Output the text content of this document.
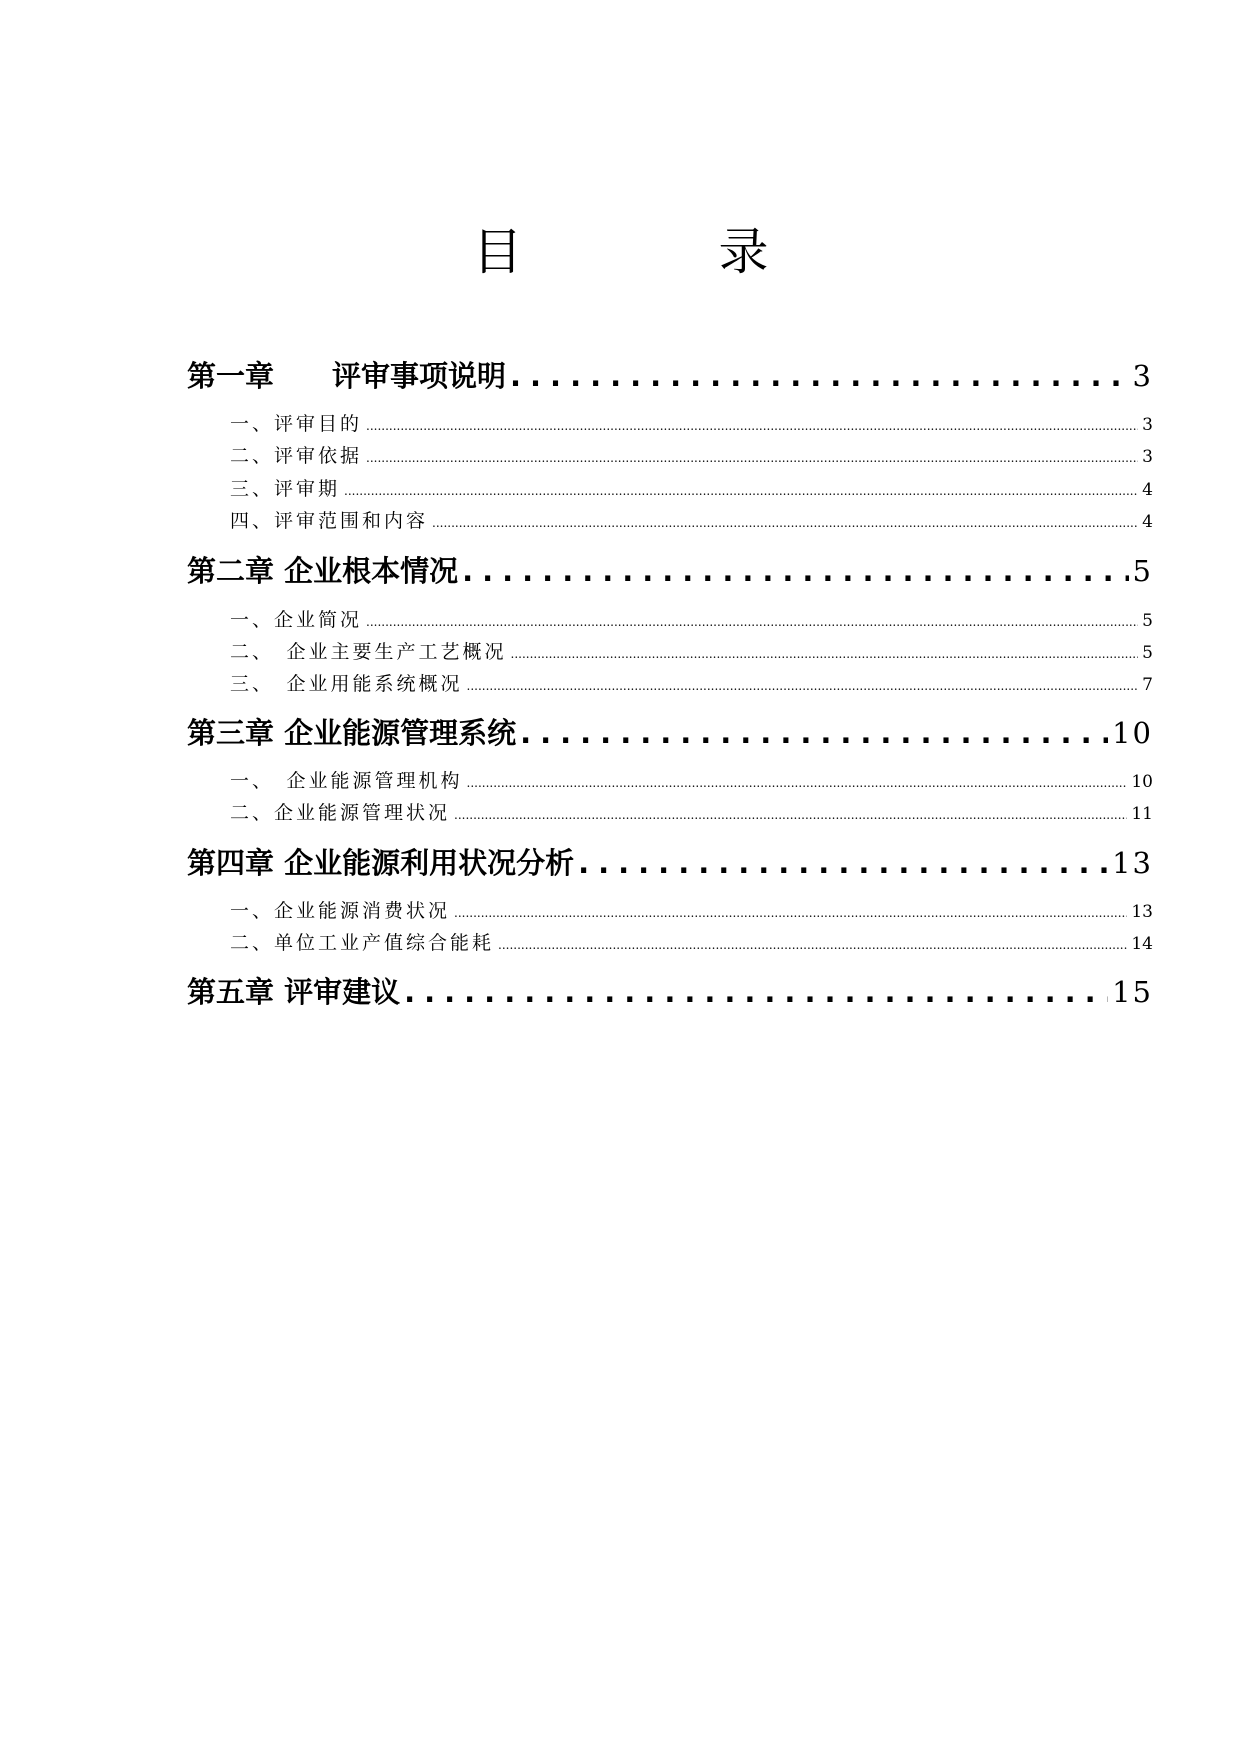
目 录
第一章　　评审事项说明 .....	3
一、评审目的 .....	3
二、评审依据 .....	3
三、评审期 .....	4
四、评审范围和内容 .....	4
第二章 企业根本情况 .....	5
一、企业简况 .....	5
二、　企业主要生产工艺概况 .....	5
三、　企业用能系统概况 .....	7
第三章 企业能源管理系统 .....	10
一、　企业能源管理机构 .....	10
二、企业能源管理状况 .....	11
第四章 企业能源利用状况分析 .....	13
一、企业能源消费状况 .....	13
二、单位工业产值综合能耗 .....	14
第五章 评审建议 .....	15
